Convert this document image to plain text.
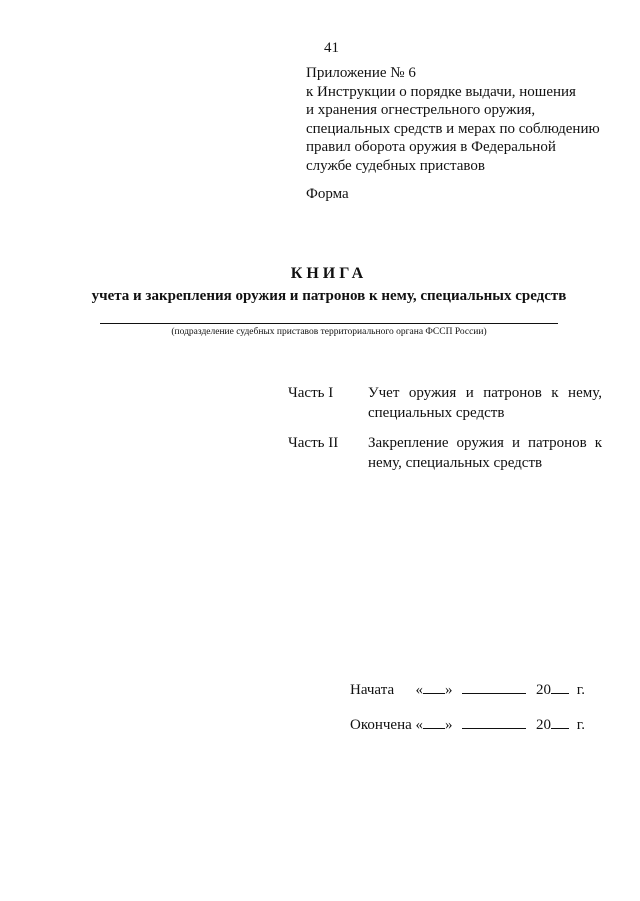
41
Приложение № 6
к Инструкции о порядке выдачи, ношения
и хранения огнестрельного оружия,
специальных средств и мерах по соблюдению
правил оборота оружия в Федеральной
службе судебных приставов
Форма
КНИГА
учета и закрепления оружия и патронов к нему, специальных средств
(подразделение судебных приставов территориального органа ФССП России)
Часть I Учет оружия и патронов к нему, специальных средств
Часть II Закрепление оружия и патронов к нему, специальных средств
Начата « »	20 г.
Окончена « »	20 г.
